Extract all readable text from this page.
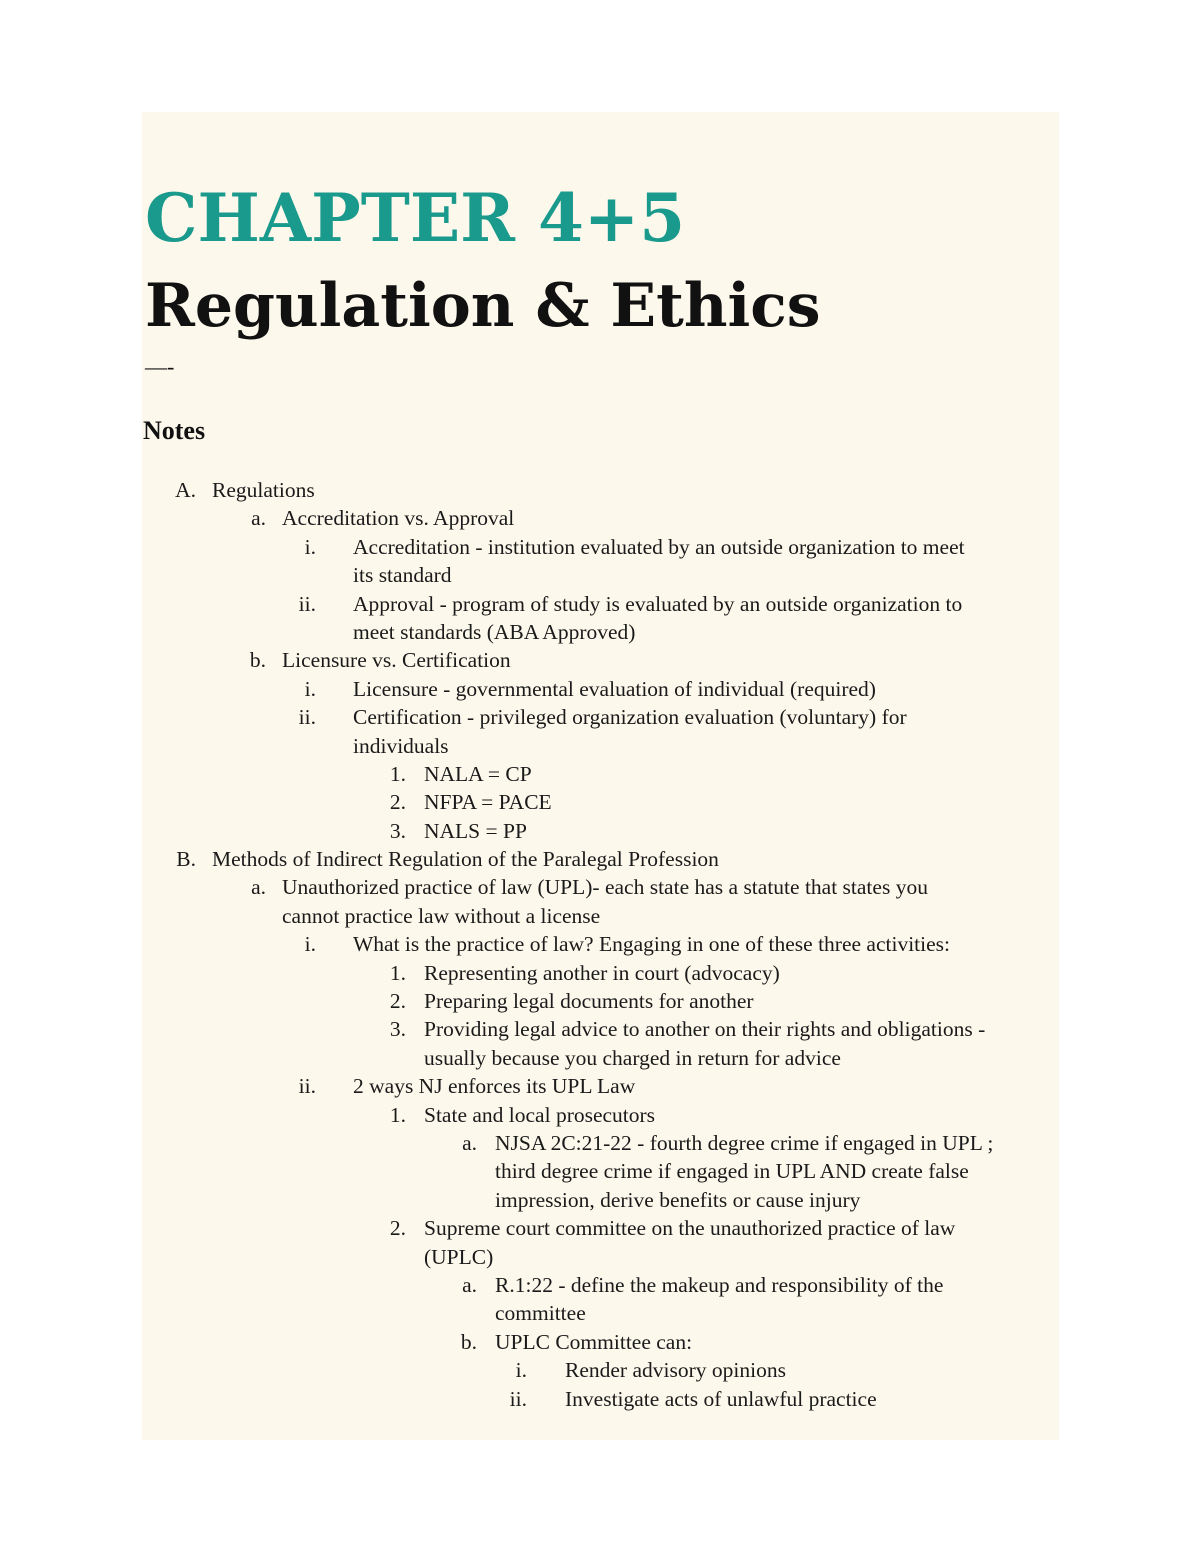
CHAPTER 4+5
Regulation & Ethics
—-
Notes
A. Regulations
a. Accreditation vs. Approval
i. Accreditation - institution evaluated by an outside organization to meet
its standard
ii. Approval - program of study is evaluated by an outside organization to
meet standards (ABA Approved)
b. Licensure vs. Certification
i. Licensure - governmental evaluation of individual (required)
ii. Certification - privileged organization evaluation (voluntary) for
individuals
1. NALA = CP
2. NFPA = PACE
3. NALS = PP
B. Methods of Indirect Regulation of the Paralegal Profession
a. Unauthorized practice of law (UPL)- each state has a statute that states you
cannot practice law without a license
i. What is the practice of law? Engaging in one of these three activities:
1. Representing another in court (advocacy)
2. Preparing legal documents for another
3. Providing legal advice to another on their rights and obligations -
usually because you charged in return for advice
ii. 2 ways NJ enforces its UPL Law
1. State and local prosecutors
a. NJSA 2C:21-22 - fourth degree crime if engaged in UPL ;
third degree crime if engaged in UPL AND create false
impression, derive benefits or cause injury
2. Supreme court committee on the unauthorized practice of law
(UPLC)
a. R.1:22 - define the makeup and responsibility of the
committee
b. UPLC Committee can:
i. Render advisory opinions
ii. Investigate acts of unlawful practice
